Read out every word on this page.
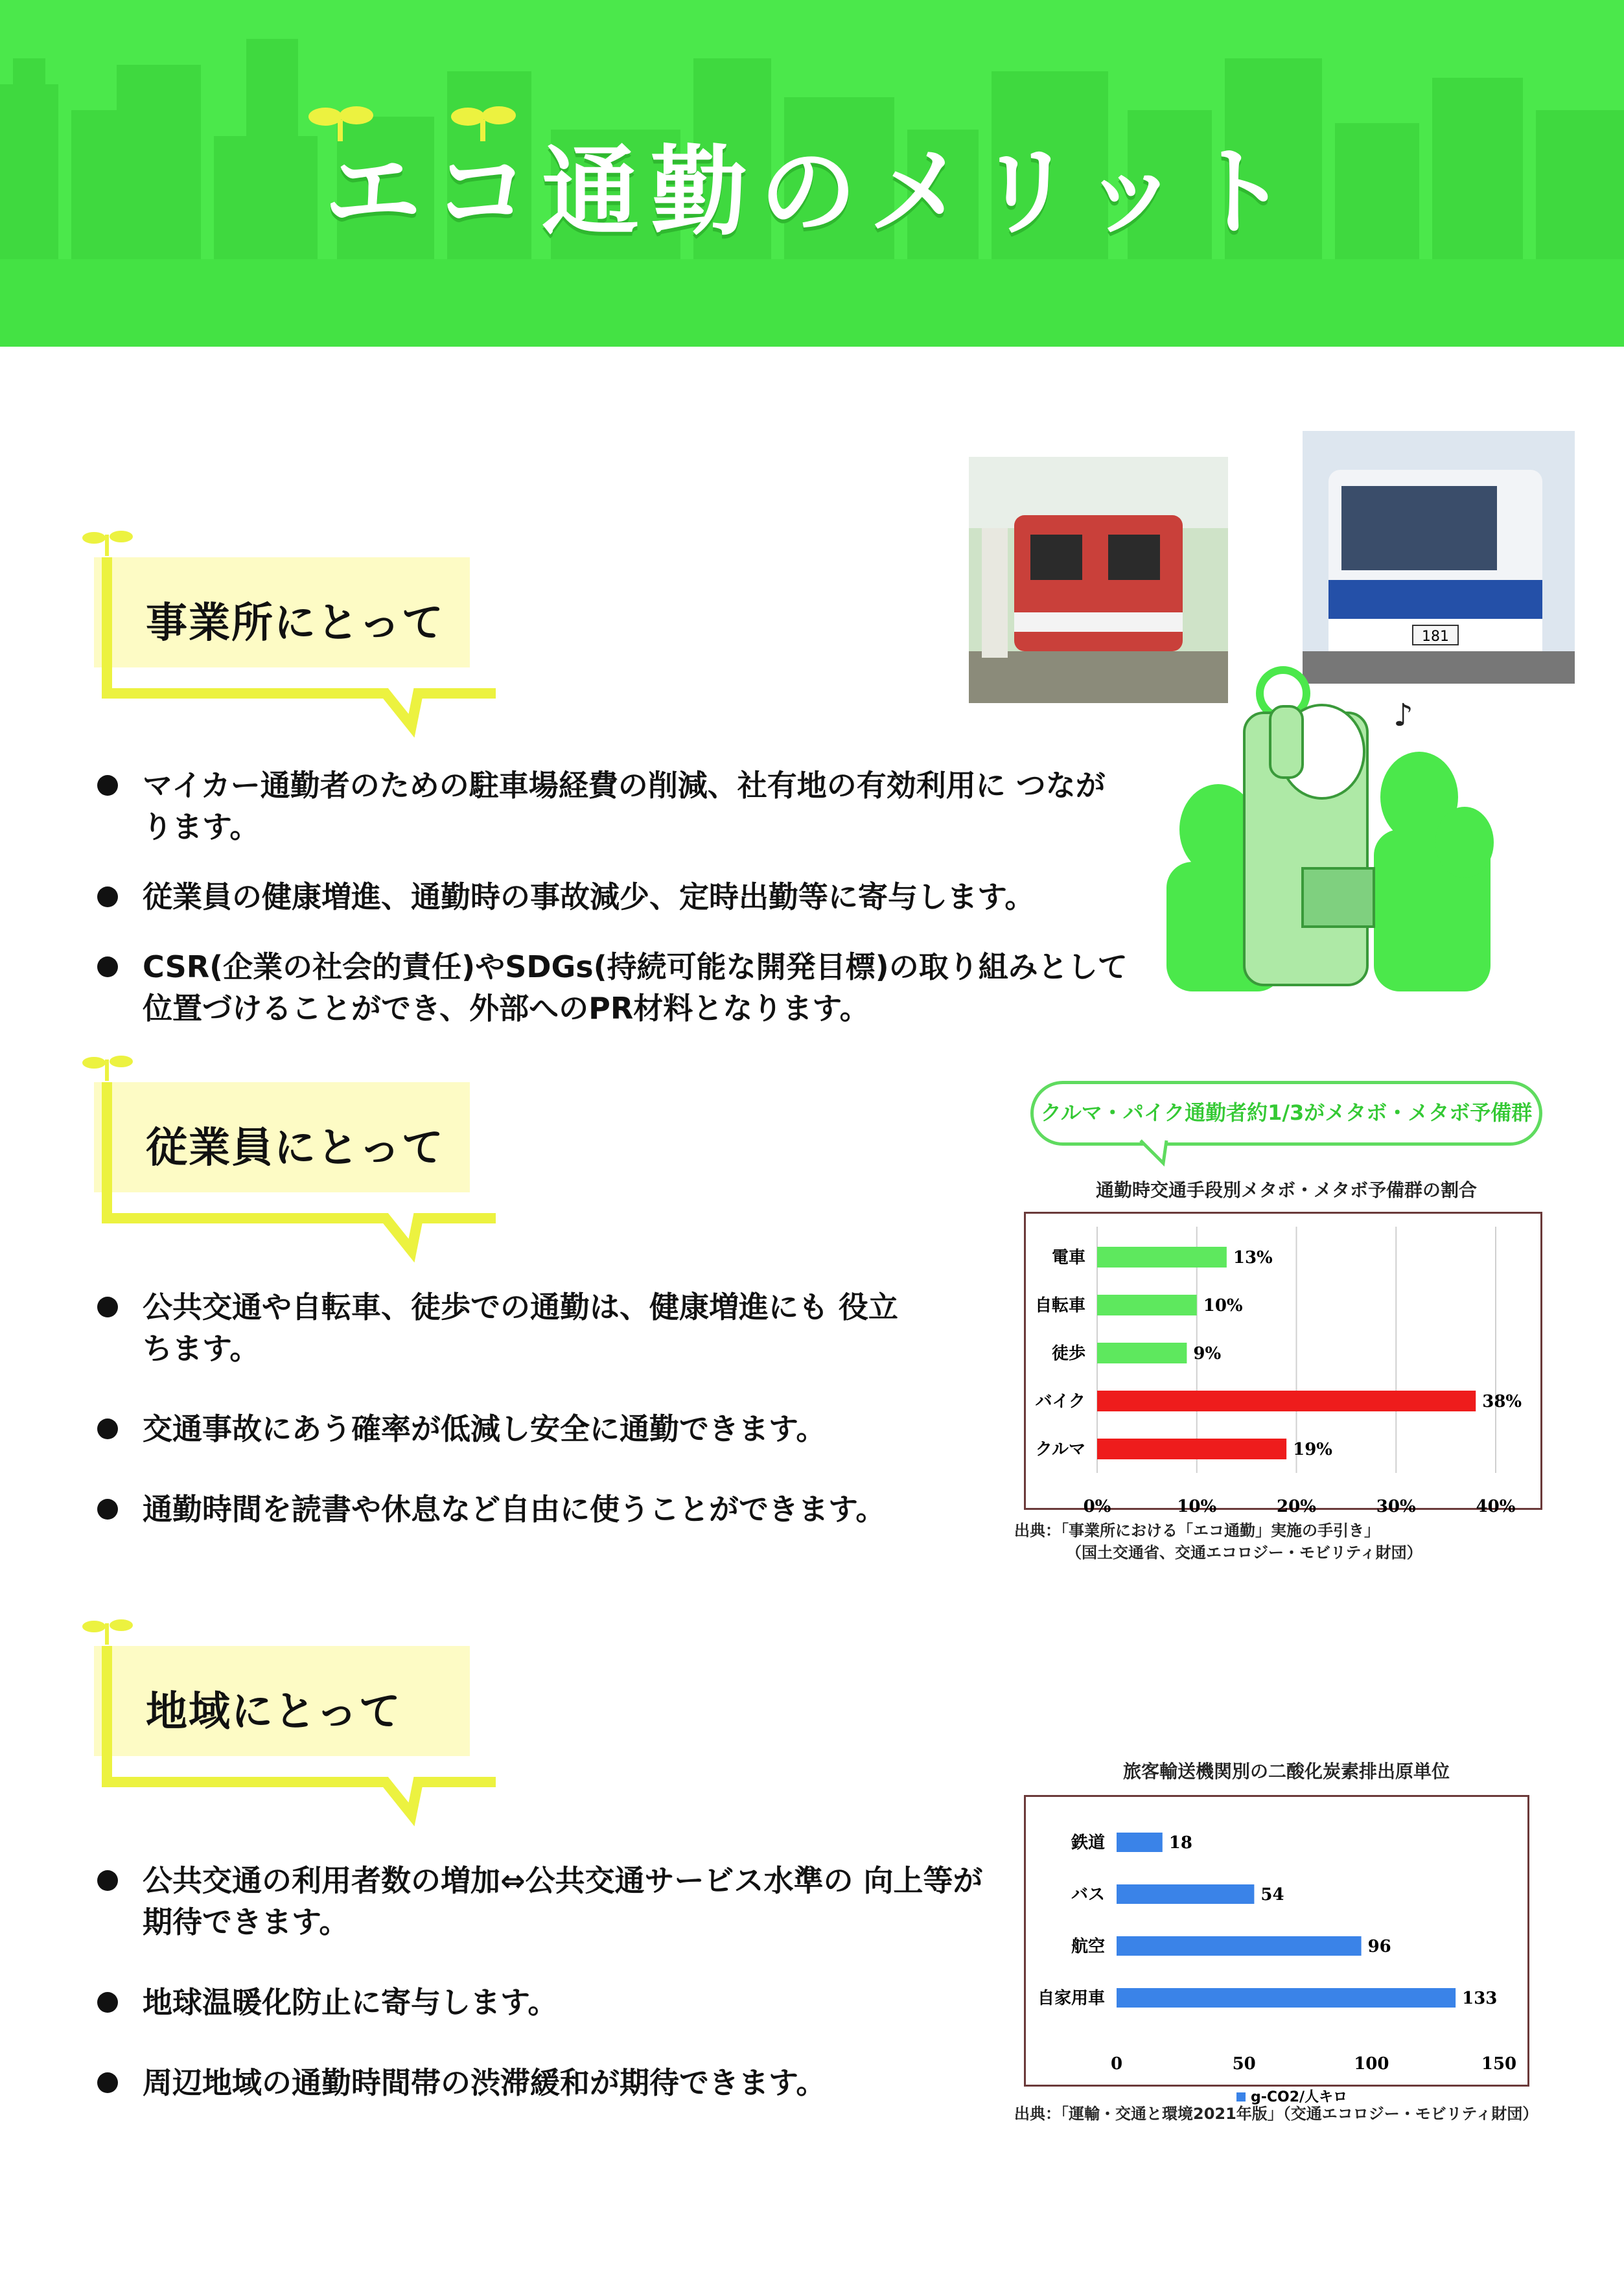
エコ通勤のメリット
事業所にとって
マイカー通勤者のための駐車場経費の削減、社有地の有効利用に つながります。
従業員の健康増進、通勤時の事故減少、定時出勤等に寄与します。
CSR(企業の社会的責任)やSDGs(持続可能な開発目標)の取り組みとして 位置づけることができ、外部へのPR材料となります。
181
♪
従業員にとって
公共交通や自転車、徒歩での通勤は、健康増進にも 役立ちます。
交通事故にあう確率が低減し安全に通勤できます。
通勤時間を読書や休息など自由に使うことができます。
クルマ・パイク通勤者約1/3がメタボ・メタボ予備群
通勤時交通手段別メタボ・メタボ予備群の割合
電車	13%
自転車	10%
徒歩	9%
バイク	38%
クルマ	19%
0%	10%	20%	30%	40%
出典：「事業所における「エコ通勤」実施の手引き」
（国土交通省、交通エコロジー・モビリティ財団）
地域にとって
公共交通の利用者数の増加⇔公共交通サービス水準の 向上等が期待できます。
地球温暖化防止に寄与します。
周辺地域の通勤時間帯の渋滞緩和が期待できます。
旅客輸送機関別の二酸化炭素排出原単位
鉄道	18
バス	54
航空	96
自家用車	133
0	50	100	150
g-CO2/人キロ
出典：「運輸・交通と環境2021年版」（交通エコロジー・モビリティ財団）
